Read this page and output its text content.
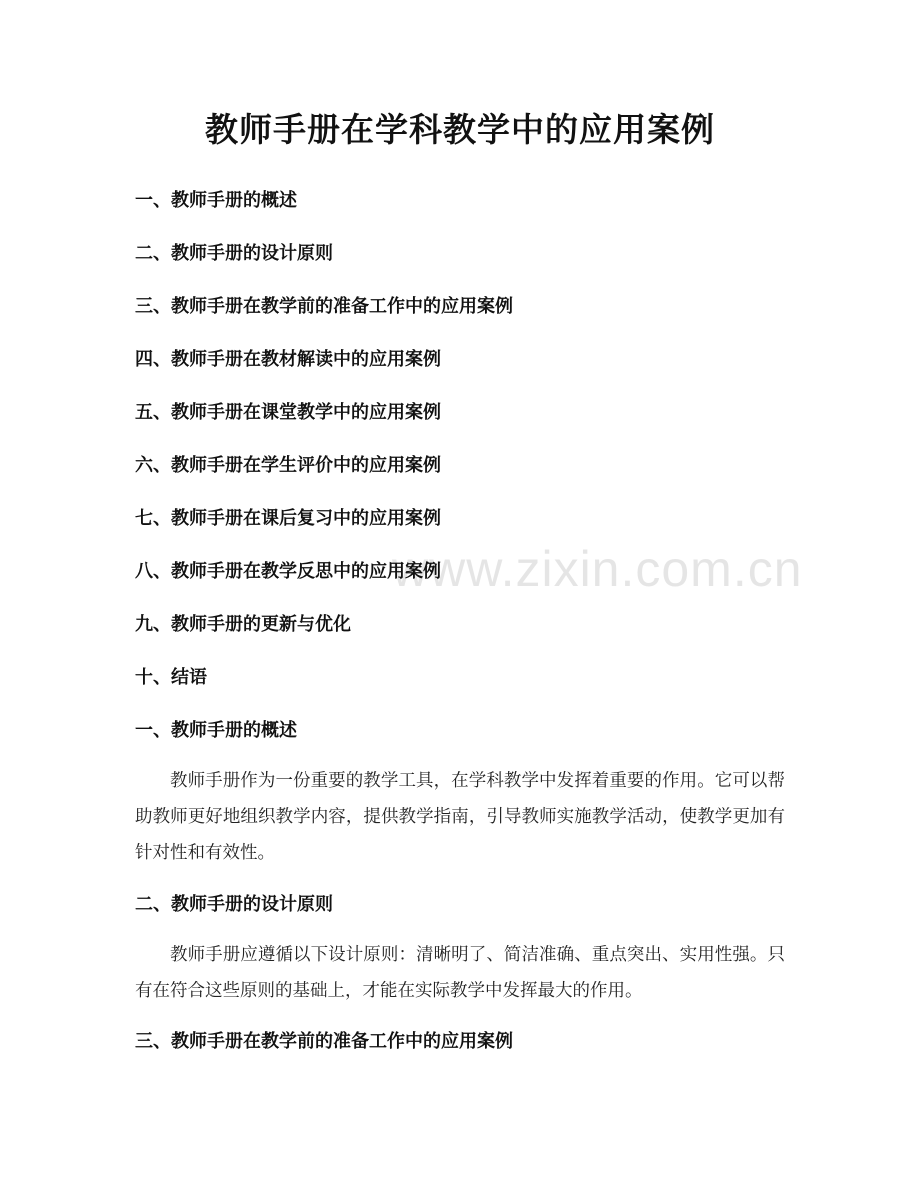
www.zixin.com.cn
教师手册在学科教学中的应用案例
一、教师手册的概述
二、教师手册的设计原则
三、教师手册在教学前的准备工作中的应用案例
四、教师手册在教材解读中的应用案例
五、教师手册在课堂教学中的应用案例
六、教师手册在学生评价中的应用案例
七、教师手册在课后复习中的应用案例
八、教师手册在教学反思中的应用案例
九、教师手册的更新与优化
十、结语
一、教师手册的概述
教师手册作为一份重要的教学工具，在学科教学中发挥着重要的作用。它可以帮助教师更好地组织教学内容，提供教学指南，引导教师实施教学活动，使教学更加有针对性和有效性。
二、教师手册的设计原则
教师手册应遵循以下设计原则：清晰明了、简洁准确、重点突出、实用性强。只有在符合这些原则的基础上，才能在实际教学中发挥最大的作用。
三、教师手册在教学前的准备工作中的应用案例
